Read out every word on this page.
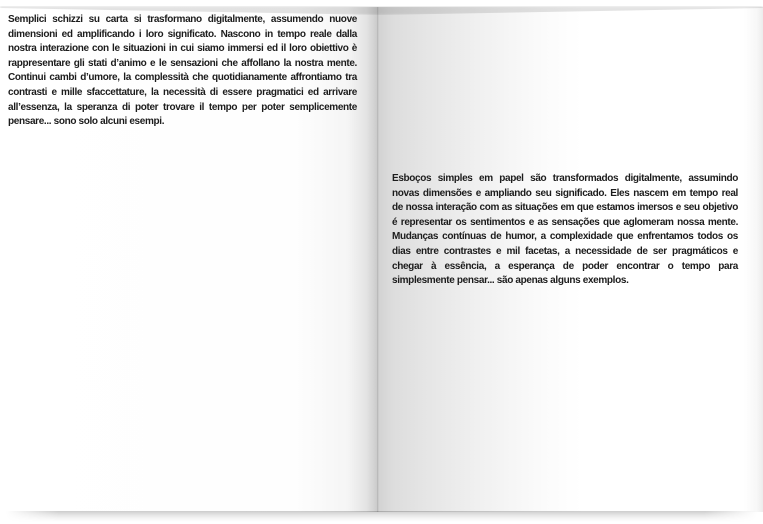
Semplici schizzi su carta si trasformano digitalmente, assumendo nuove dimensioni ed amplificando i loro significato. Nascono in tempo reale dalla nostra interazione con le situazioni in cui siamo immersi ed il loro obiettivo è rappresentare gli stati d’animo e le sensazioni che affollano la nostra mente. Continui cambi d’umore, la complessità che quotidianamente affrontiamo tra contrasti e mille sfaccettature, la necessità di essere pragmatici ed arrivare all’essenza, la speranza di poter trovare il tempo per poter semplicemente pensare... sono solo alcuni esempi.

Esboços simples em papel são transformados digitalmente, assumindo novas dimensões e ampliando seu significado. Eles nascem em tempo real de nossa interação com as situações em que estamos imersos e seu objetivo é representar os sentimentos e as sensações que aglomeram nossa mente. Mudanças contínuas de humor, a complexidade que enfrentamos todos os dias entre contrastes e mil facetas, a necessidade de ser pragmáticos e chegar à essência, a esperança de poder encontrar o tempo para simplesmente pensar... são apenas alguns exemplos.
